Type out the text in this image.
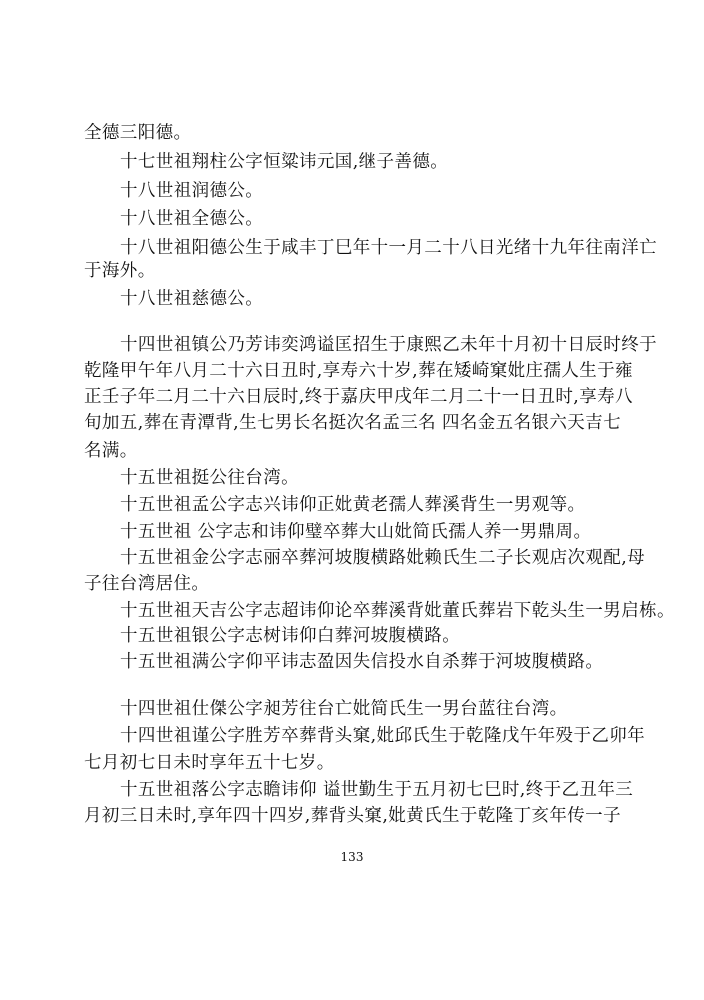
全德三阳德。
十七世祖翔柱公字恒粱讳元国,继子善德。
十八世祖润德公。
十八世祖全德公。
十八世祖阳德公生于咸丰丁巳年十一月二十八日光绪十九年往南洋亡
于海外。
十八世祖慈德公。
十四世祖镇公乃芳讳奕鸿谥匡招生于康熙乙未年十月初十日辰时终于
乾隆甲午年八月二十六日丑时,享寿六十岁,葬在矮崎窠妣庄孺人生于雍
正壬子年二月二十六日辰时,终于嘉庆甲戌年二月二十一日丑时,享寿八
旬加五,葬在青潭背,生七男长名挺次名孟三名 四名金五名银六天吉七
名满。
十五世祖挺公往台湾。
十五世祖孟公字志兴讳仰正妣黄老孺人葬溪背生一男观等。
十五世祖 公字志和讳仰璧卒葬大山妣简氏孺人养一男鼎周。
十五世祖金公字志丽卒葬河坡腹横路妣赖氏生二子长观店次观配,母
子往台湾居住。
十五世祖天吉公字志超讳仰论卒葬溪背妣董氏葬岩下乾头生一男启栋。
十五世祖银公字志树讳仰白葬河坡腹横路。
十五世祖满公字仰平讳志盈因失信投水自杀葬于河坡腹横路。
十四世祖仕傑公字昶芳往台亡妣简氏生一男台蓝往台湾。
十四世祖谨公字胜芳卒葬背头窠,妣邱氏生于乾隆戊午年殁于乙卯年
七月初七日未时享年五十七岁。
十五世祖落公字志瞻讳仰 谥世勤生于五月初七巳时,终于乙丑年三
月初三日未时,享年四十四岁,葬背头窠,妣黄氏生于乾隆丁亥年传一子
133
